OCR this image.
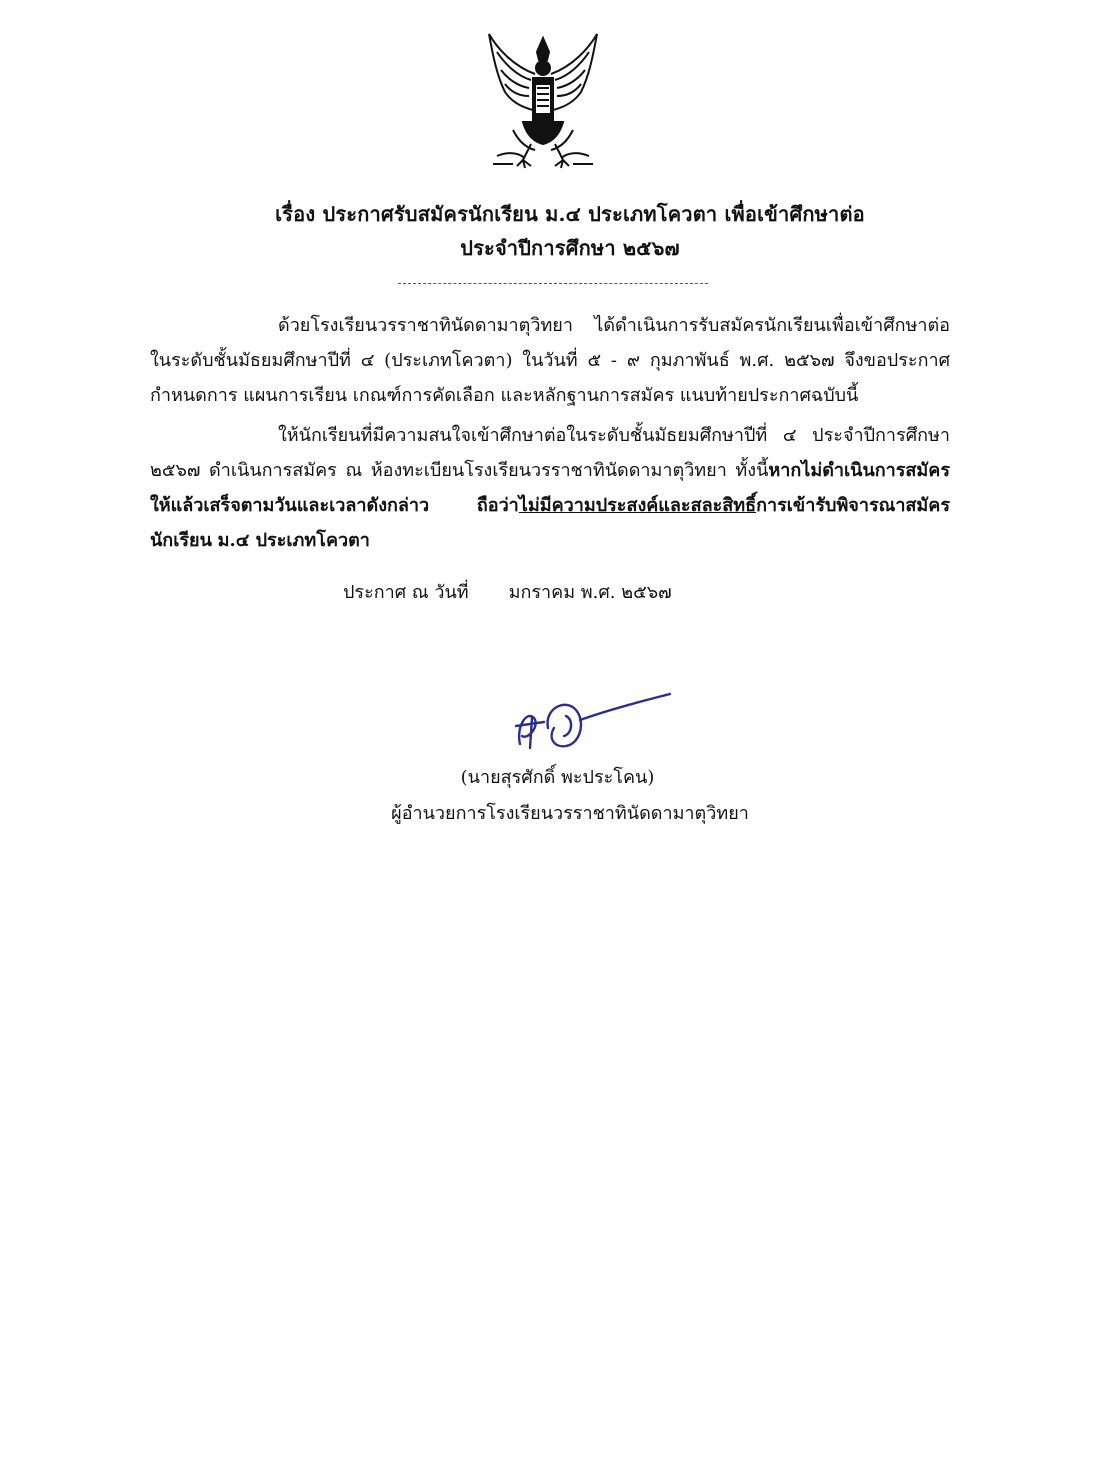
เรื่อง ประกาศรับสมัครนักเรียน ม.๔ ประเภทโควตา เพื่อเข้าศึกษาต่อ
ประจำปีการศึกษา ๒๕๖๗
ด้วยโรงเรียนวรราชาทินัดดามาตุวิทยา ได้ดำเนินการรับสมัครนักเรียนเพื่อเข้าศึกษาต่อในระดับชั้นมัธยมศึกษาปีที่ ๔ (ประเภทโควตา) ในวันที่ ๕ - ๙ กุมภาพันธ์ พ.ศ. ๒๕๖๗ จึงขอประกาศกำหนดการ แผนการเรียน เกณฑ์การคัดเลือก และหลักฐานการสมัคร แนบท้ายประกาศฉบับนี้
ให้นักเรียนที่มีความสนใจเข้าศึกษาต่อในระดับชั้นมัธยมศึกษาปีที่ ๔ ประจำปีการศึกษา ๒๕๖๗ ดำเนินการสมัคร ณ ห้องทะเบียนโรงเรียนวรราชาทินัดดามาตุวิทยา ทั้งนี้หากไม่ดำเนินการสมัครให้แล้วเสร็จตามวันและเวลาดังกล่าว ถือว่าไม่มีความประสงค์และสละสิทธิ์การเข้ารับพิจารณาสมัครนักเรียน ม.๔ ประเภทโควตา
ประกาศ ณ วันที่ มกราคม พ.ศ. ๒๕๖๗
(นายสุรศักดิ์ พะประโคน)
ผู้อำนวยการโรงเรียนวรราชาทินัดดามาตุวิทยา
